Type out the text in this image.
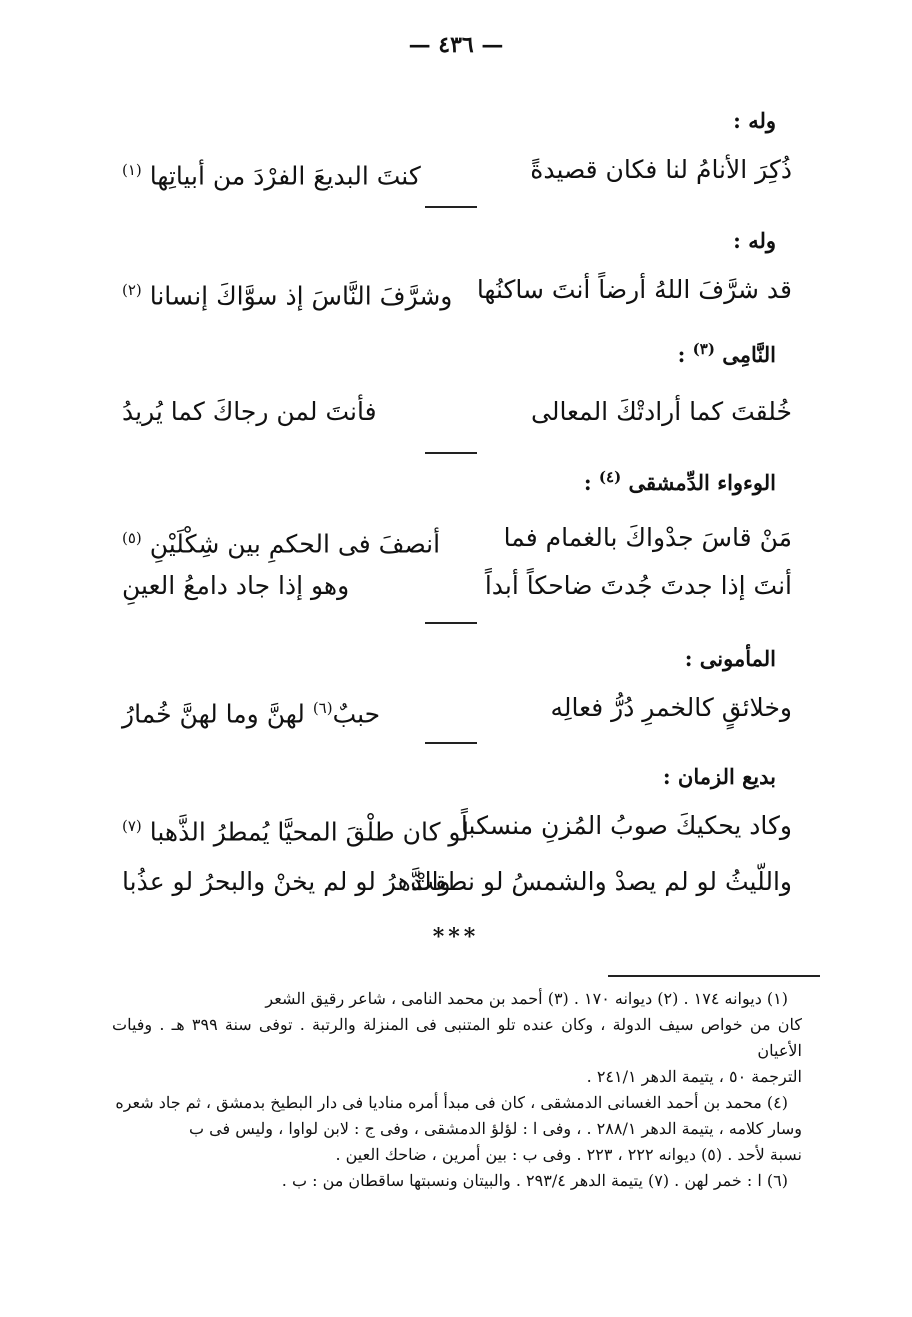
— ٤٣٦ —
وله :
ذُكِرَ الأنامُ لنا فكان قصيدةً
كنتَ البديعَ الفرْدَ من أبياتِها $^{(١)}$
وله :
قد شرَّفَ اللهُ أرضاً أنتَ ساكنُها
وشرَّفَ النَّاسَ إذ سوَّاكَ إنسانا $^{(٢)}$
النَّامِى $^{(٣)}$ :
خُلقتَ كما أرادتْكَ المعالى
فأنتَ لمن رجاكَ كما يُريدُ
الوءواء الدِّمشقى $^{(٤)}$ :
مَنْ قاسَ جدْواكَ بالغمام فما
أنصفَ فى الحكمِ بين شِكْلَيْنِ $^{(٥)}$
أنتَ إذا جدتَ جُدتَ ضاحكاً أبداً
وهو إذا جاد دامعُ العينِ
المأمونى :
وخلائقٍ كالخمرِ دُرُّ فعالِه
حببٌ$^{(٦)}$ لهنَّ وما لهنَّ خُمارُ
بديع الزمان :
وكاد يحكيكَ صوبُ المُزنِ منسكباً
لو كان طلْقَ المحيَّا يُمطرُ الذَّهبا $^{(٧)}$
واللّيثُ لو لم يصدْ والشمسُ لو نطقتْ
والدَّهرُ لو لم يخنْ والبحرُ لو عذُبا
***

(١) ديوانه ١٧٤ . (٢) ديوانه ١٧٠ . (٣) أحمد بن محمد النامى ، شاعر رقيق الشعر

كان من خواص سيف الدولة ، وكان عنده تلو المتنبى فى المنزلة والرتبة . توفى سنة ٣٩٩ هـ . وفيات الأعيان

الترجمة ٥٠ ، يتيمة الدهر ٢٤١/١ .

(٤) محمد بن أحمد الغسانى الدمشقى ، كان فى مبدأ أمره مناديا فى دار البطيخ بدمشق ، ثم جاد شعره

وسار كلامه ، يتيمة الدهر ٢٨٨/١ . ، وفى ا : لؤلؤ الدمشقى ، وفى ج : لابن لواوا ، وليس فى ب

نسبة لأحد . (٥) ديوانه ٢٢٢ ، ٢٢٣ . وفى ب : بين أمرين ، ضاحك العين .

(٦) ا : خمر لهن . (٧) يتيمة الدهر ٢٩٣/٤ . والبيتان ونسبتها ساقطان من : ب .
